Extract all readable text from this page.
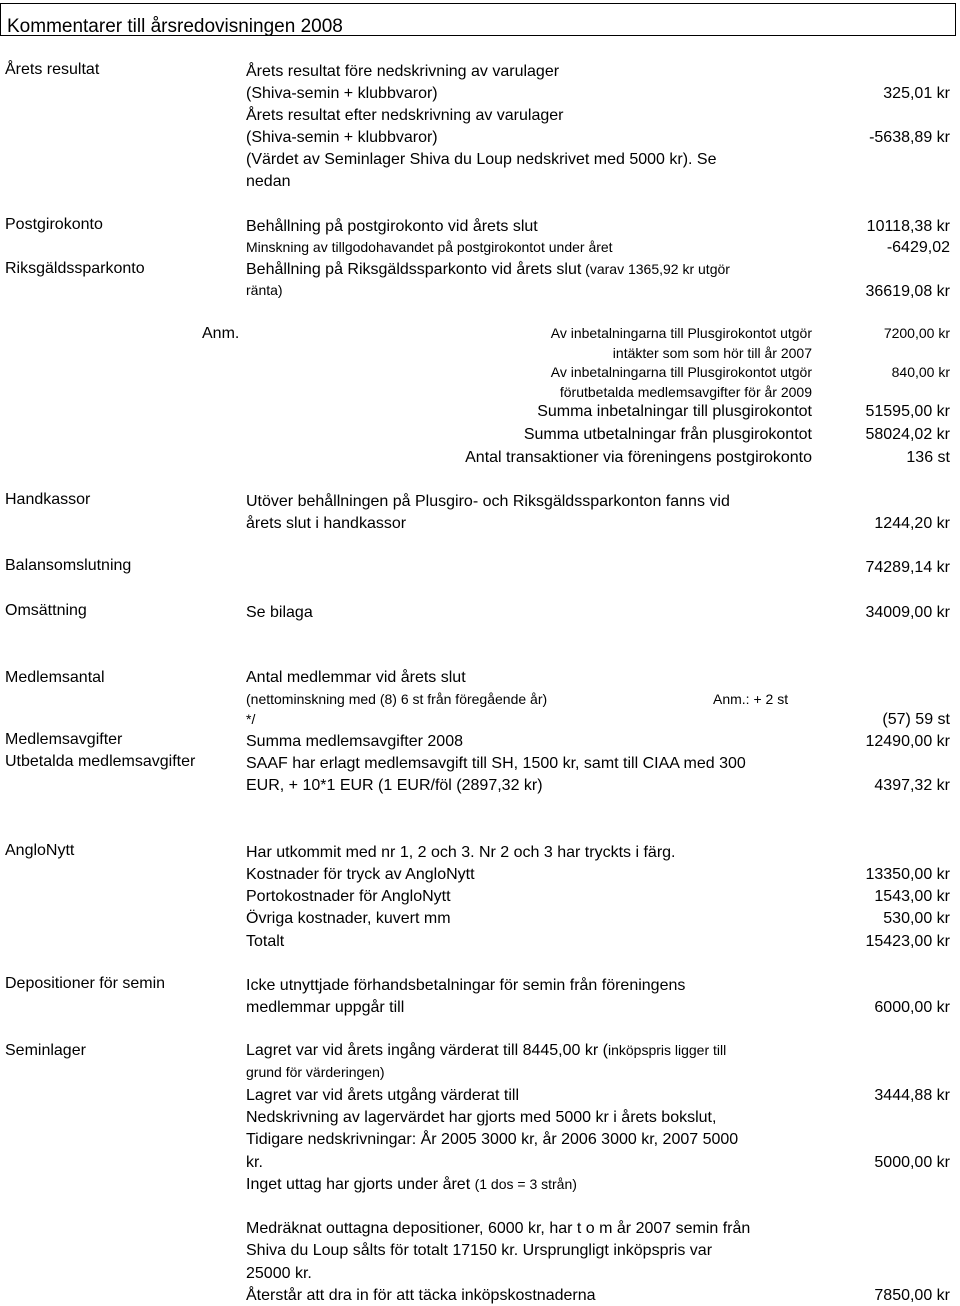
Kommentarer till årsredovisningen 2008
Årets resultat	Årets resultat före nedskrivning av varulager
(Shiva-semin + klubbvaror)	325,01 kr
Årets resultat efter nedskrivning av varulager
(Shiva-semin + klubbvaror)	-5638,89 kr
(Värdet av Seminlager Shiva du Loup nedskrivet med 5000 kr). Se
nedan
Postgirokonto	Behållning på postgirokonto vid årets slut	10118,38 kr
Minskning av tillgodohavandet på postgirokontot under året	-6429,02
Riksgäldssparkonto	Behållning på Riksgäldssparkonto vid årets slut (varav 1365,92 kr utgör
ränta)	36619,08 kr
Anm.	Av inbetalningarna till Plusgirokontot utgör	7200,00 kr
intäkter som som hör till år 2007
Av inbetalningarna till Plusgirokontot utgör	840,00 kr
förutbetalda medlemsavgifter för år 2009
Summa inbetalningar till plusgirokontot	51595,00 kr
Summa utbetalningar från plusgirokontot	58024,02 kr
Antal transaktioner via föreningens postgirokonto	136 st
Handkassor	Utöver behållningen på Plusgiro- och Riksgäldssparkonton fanns vid
årets slut i handkassor	1244,20 kr
Balansomslutning	74289,14 kr
Omsättning	Se bilaga	34009,00 kr
Medlemsantal	Antal medlemmar vid årets slut
(nettominskning med (8) 6 st från föregående år)	Anm.: + 2 st
*/	(57) 59 st
Medlemsavgifter	Summa medlemsavgifter 2008	12490,00 kr
Utbetalda medlemsavgifter	SAAF har erlagt medlemsavgift till SH, 1500 kr, samt till CIAA med 300
EUR, + 10*1 EUR (1 EUR/föl (2897,32 kr)	4397,32 kr
AngloNytt	Har utkommit med nr 1, 2 och 3. Nr 2 och 3 har tryckts i färg.
Kostnader för tryck av AngloNytt	13350,00 kr
Portokostnader för AngloNytt	1543,00 kr
Övriga kostnader, kuvert mm	530,00 kr
Totalt	15423,00 kr
Depositioner för semin	Icke utnyttjade förhandsbetalningar för semin från föreningens
medlemmar uppgår till	6000,00 kr
Seminlager	Lagret var vid årets ingång värderat till 8445,00 kr (inköpspris ligger till
grund för värderingen)
Lagret var vid årets utgång värderat till	3444,88 kr
Nedskrivning av lagervärdet har gjorts med 5000 kr i årets bokslut,
Tidigare nedskrivningar: År 2005 3000 kr, år 2006 3000 kr, 2007 5000
kr.	5000,00 kr
Inget uttag har gjorts under året (1 dos = 3 strån)
Medräknat outtagna depositioner, 6000 kr, har t o m år 2007 semin från
Shiva du Loup sålts för totalt 17150 kr. Ursprungligt inköpspris var
25000 kr.
Återstår att dra in för att täcka inköpskostnaderna	7850,00 kr
